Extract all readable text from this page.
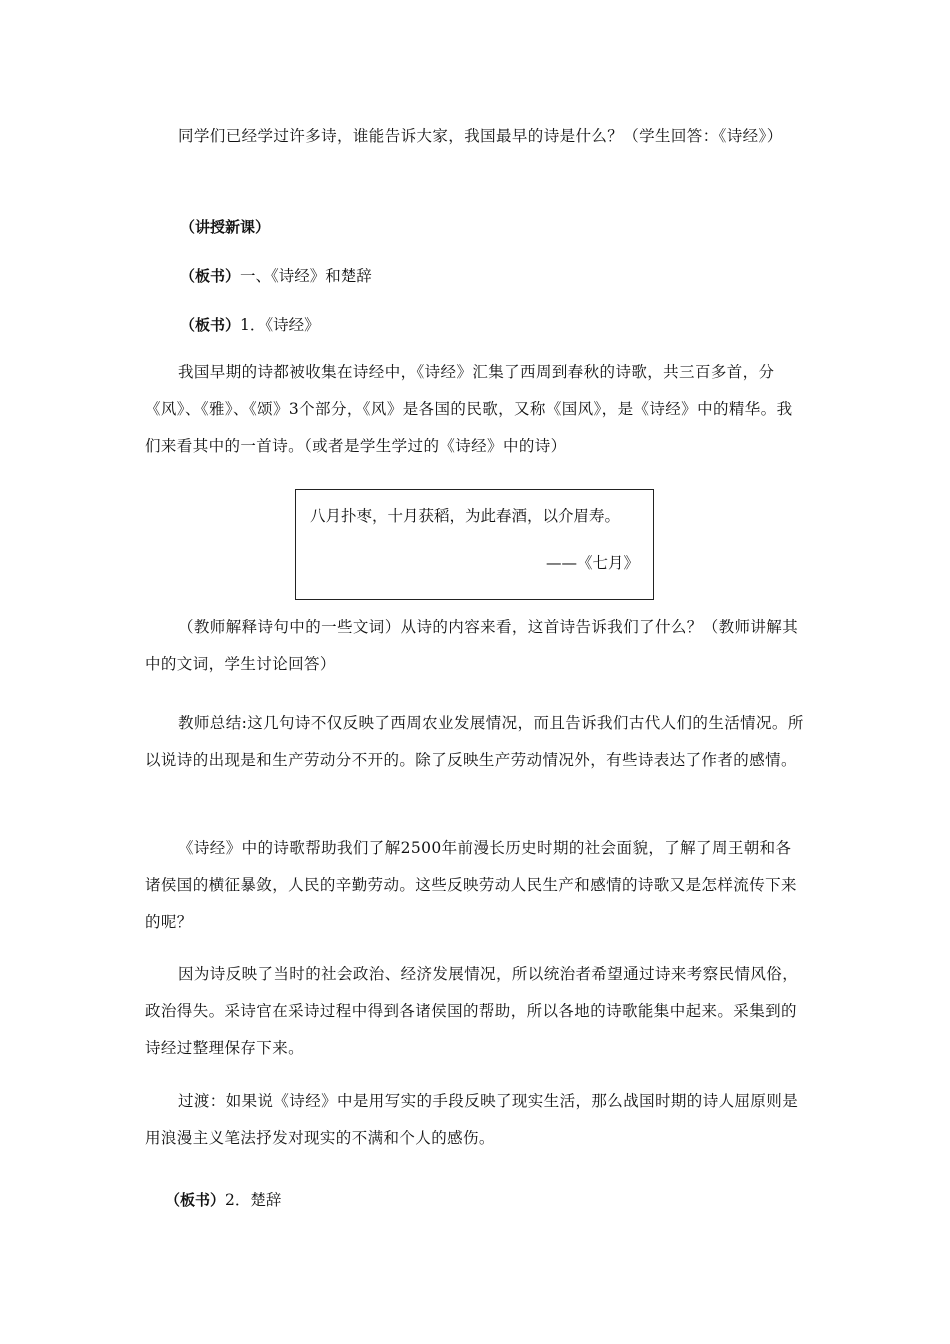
同学们已经学过许多诗，谁能告诉大家，我国最早的诗是什么？（学生回答：《诗经》）

（讲授新课）

（板书）一、《诗经》和楚辞

（板书）1．《诗经》

我国早期的诗都被收集在诗经中，《诗经》汇集了西周到春秋的诗歌，共三百多首，分《风》、《雅》、《颂》3个部分，《风》是各国的民歌，又称《国风》，是《诗经》中的精华。我们来看其中的一首诗。（或者是学生学过的《诗经》中的诗）

八月扑枣，十月获稻，为此春酒，以介眉寿。
——《七月》

（教师解释诗句中的一些文词）从诗的内容来看，这首诗告诉我们了什么？（教师讲解其中的文词，学生讨论回答）

教师总结:这几句诗不仅反映了西周农业发展情况，而且告诉我们古代人们的生活情况。所以说诗的出现是和生产劳动分不开的。除了反映生产劳动情况外，有些诗表达了作者的感情。

《诗经》中的诗歌帮助我们了解2500年前漫长历史时期的社会面貌，了解了周王朝和各诸侯国的横征暴敛，人民的辛勤劳动。这些反映劳动人民生产和感情的诗歌又是怎样流传下来的呢？

因为诗反映了当时的社会政治、经济发展情况，所以统治者希望通过诗来考察民情风俗，政治得失。采诗官在采诗过程中得到各诸侯国的帮助，所以各地的诗歌能集中起来。采集到的诗经过整理保存下来。

过渡：如果说《诗经》中是用写实的手段反映了现实生活，那么战国时期的诗人屈原则是用浪漫主义笔法抒发对现实的不满和个人的感伤。

（板书）2．楚辞
